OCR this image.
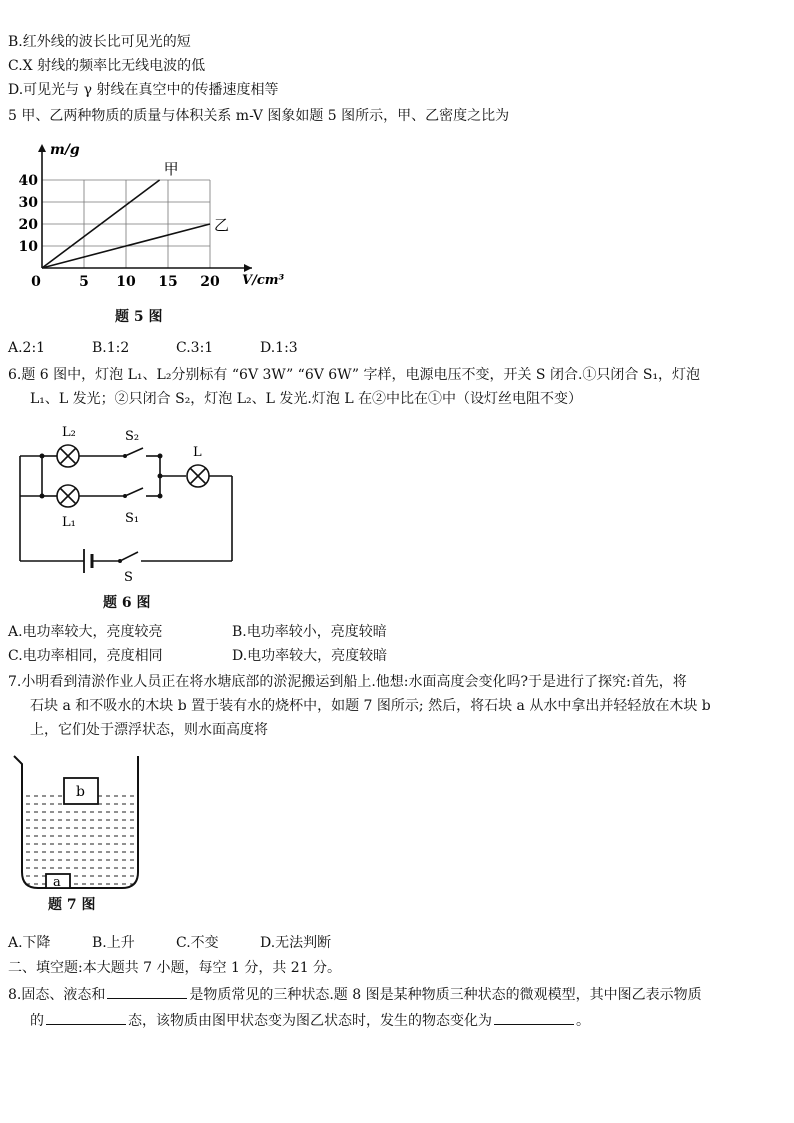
B.红外线的波长比可见光的短
C.X 射线的频率比无线电波的低
D.可见光与 γ 射线在真空中的传播速度相等
5 甲、乙两种物质的质量与体积关系 m-V 图象如题 5 图所示，甲、乙密度之比为
0	5 10 15 20
10
20
30
40
甲
乙
m/g
V/cm³
题 5 图
A.2:1	B.1:2	C.3:1	D.1:3
6.题 6 图中，灯泡 L₁、L₂分别标有 “6V 3W” “6V 6W” 字样，电源电压不变，开关 S 闭合.①只闭合 S₁，灯泡
L₁、L 发光；②只闭合 S₂，灯泡 L₂、L 发光.灯泡 L 在②中比在①中（设灯丝电阻不变）
L₂	S₂
L₁	S₁
L
S
题 6 图
A.电功率较大，亮度较亮	B.电功率较小，亮度较暗
C.电功率相同，亮度相同	D.电功率较大，亮度较暗
7.小明看到清淤作业人员正在将水塘底部的淤泥搬运到船上.他想:水面高度会变化吗?于是进行了探究:首先，将
石块 a 和不吸水的木块 b 置于装有水的烧杯中，如题 7 图所示; 然后，将石块 a 从水中拿出并轻轻放在木块 b
上，它们处于漂浮状态，则水面高度将
b
a
题 7 图
A.下降	B.上升	C.不变	D.无法判断
二、填空题:本大题共 7 小题，每空 1 分，共 21 分。
8.固态、液态和	是物质常见的三种状态.题 8 图是某种物质三种状态的微观模型，其中图乙表示物质
的	态，该物质由图甲状态变为图乙状态时，发生的物态变化为	。
